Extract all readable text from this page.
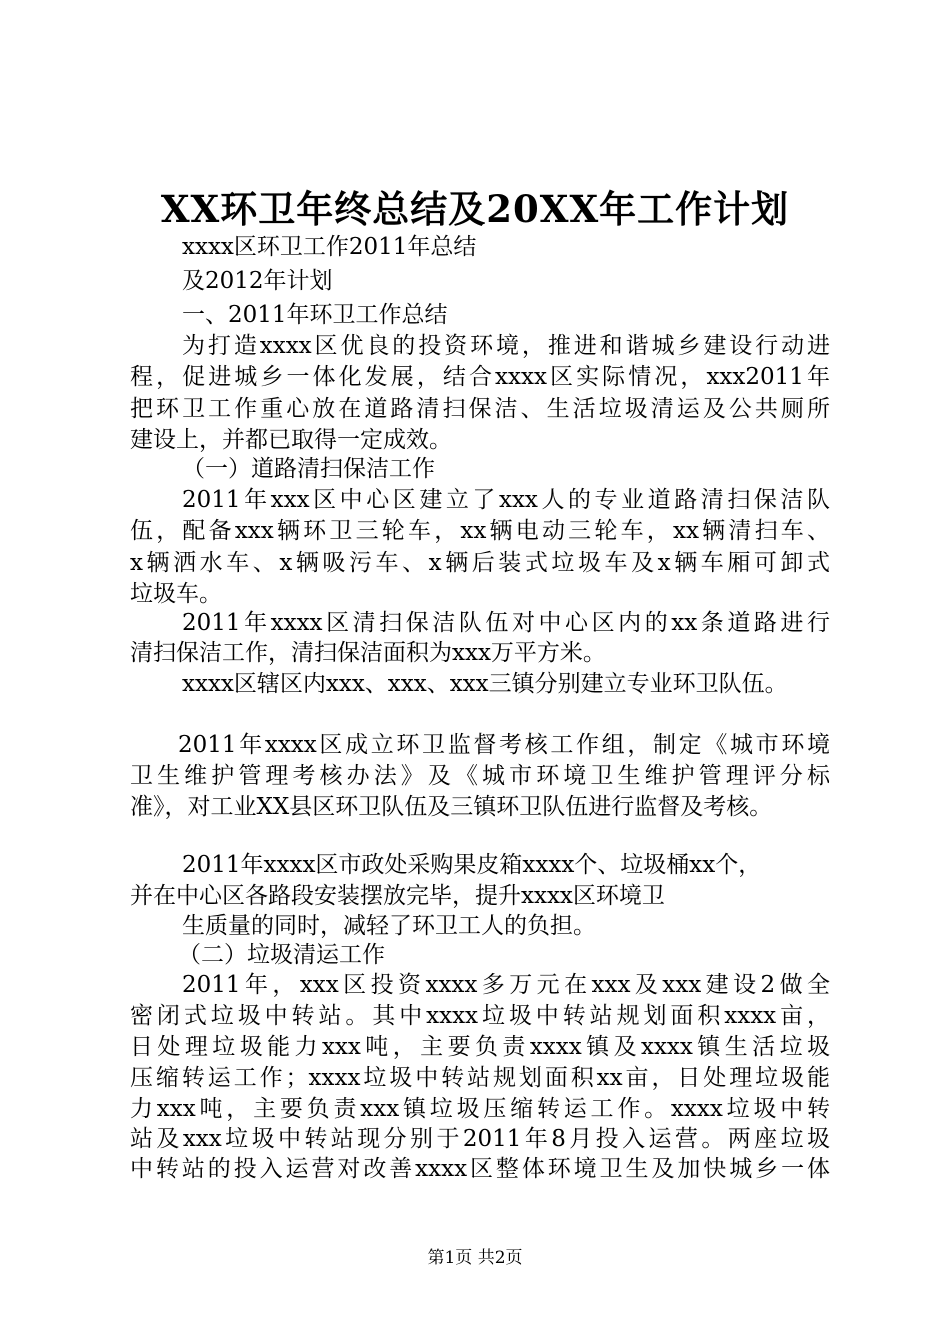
XX环卫年终总结及20XX年工作计划
xxxx区环卫工作2011年总结
及2012年计划
一、2011年环卫工作总结
为打造xxxx区优良的投资环境，推进和谐城乡建设行动进
程，促进城乡一体化发展，结合xxxx区实际情况，xxx2011年
把环卫工作重心放在道路清扫保洁、生活垃圾清运及公共厕所
建设上，并都已取得一定成效。
（一）道路清扫保洁工作
2011年xxx区中心区建立了xxx人的专业道路清扫保洁队
伍，配备xxx辆环卫三轮车，xx辆电动三轮车，xx辆清扫车、
x辆洒水车、x辆吸污车、x辆后装式垃圾车及x辆车厢可卸式
垃圾车。
2011年xxxx区清扫保洁队伍对中心区内的xx条道路进行
清扫保洁工作，清扫保洁面积为xxx万平方米。
xxxx区辖区内xxx、xxx、xxx三镇分别建立专业环卫队伍。
2011年xxxx区成立环卫监督考核工作组，制定《城市环境
卫生维护管理考核办法》及《城市环境卫生维护管理评分标
准》，对工业XX县区环卫队伍及三镇环卫队伍进行监督及考核。
2011年xxxx区市政处采购果皮箱xxxx个、垃圾桶xx个，
并在中心区各路段安装摆放完毕，提升xxxx区环境卫
生质量的同时，减轻了环卫工人的负担。
（二）垃圾清运工作
2011年，xxx区投资xxxx多万元在xxx及xxx建设2做全
密闭式垃圾中转站。其中xxxx垃圾中转站规划面积xxxx亩，
日处理垃圾能力xxx吨，主要负责xxxx镇及xxxx镇生活垃圾
压缩转运工作；xxxx垃圾中转站规划面积xx亩，日处理垃圾能
力xxx吨，主要负责xxx镇垃圾压缩转运工作。xxxx垃圾中转
站及xxx垃圾中转站现分别于2011年8月投入运营。两座垃圾
中转站的投入运营对改善xxxx区整体环境卫生及加快城乡一体
第1页 共2页
